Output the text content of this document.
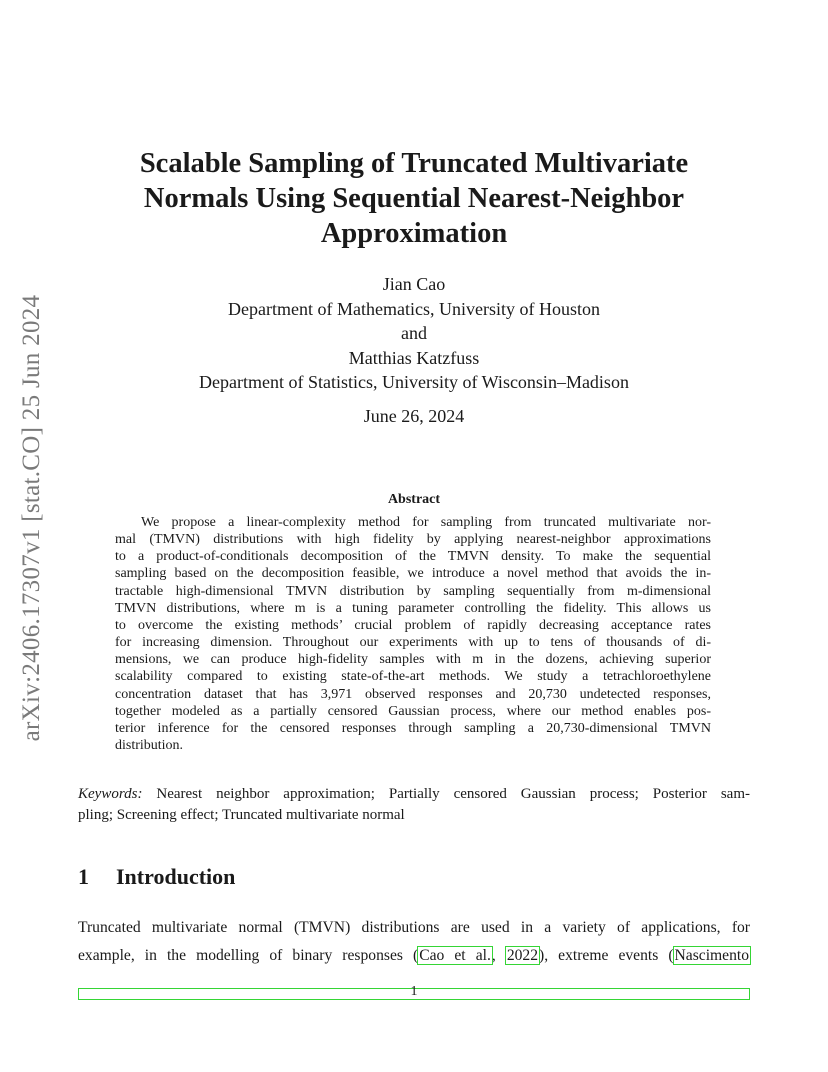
arXiv:2406.17307v1 [stat.CO] 25 Jun 2024
Scalable Sampling of Truncated Multivariate
Normals Using Sequential Nearest-Neighbor
Approximation
Jian Cao
Department of Mathematics, University of Houston
and
Matthias Katzfuss
Department of Statistics, University of Wisconsin–Madison
June 26, 2024
Abstract
We propose a linear-complexity method for sampling from truncated multivariate nor-
mal (TMVN) distributions with high fidelity by applying nearest-neighbor approximations
to a product-of-conditionals decomposition of the TMVN density. To make the sequential
sampling based on the decomposition feasible, we introduce a novel method that avoids the in-
tractable high-dimensional TMVN distribution by sampling sequentially from m-dimensional
TMVN distributions, where m is a tuning parameter controlling the fidelity. This allows us
to overcome the existing methods’ crucial problem of rapidly decreasing acceptance rates
for increasing dimension. Throughout our experiments with up to tens of thousands of di-
mensions, we can produce high-fidelity samples with m in the dozens, achieving superior
scalability compared to existing state-of-the-art methods. We study a tetrachloroethylene
concentration dataset that has 3,971 observed responses and 20,730 undetected responses,
together modeled as a partially censored Gaussian process, where our method enables pos-
terior inference for the censored responses through sampling a 20,730-dimensional TMVN
distribution.
Keywords: Nearest neighbor approximation; Partially censored Gaussian process; Posterior sam-
pling; Screening effect; Truncated multivariate normal
1 Introduction
Truncated multivariate normal (TMVN) distributions are used in a variety of applications, for
example, in the modelling of binary responses (Cao et al., 2022), extreme events (Nascimento
1
